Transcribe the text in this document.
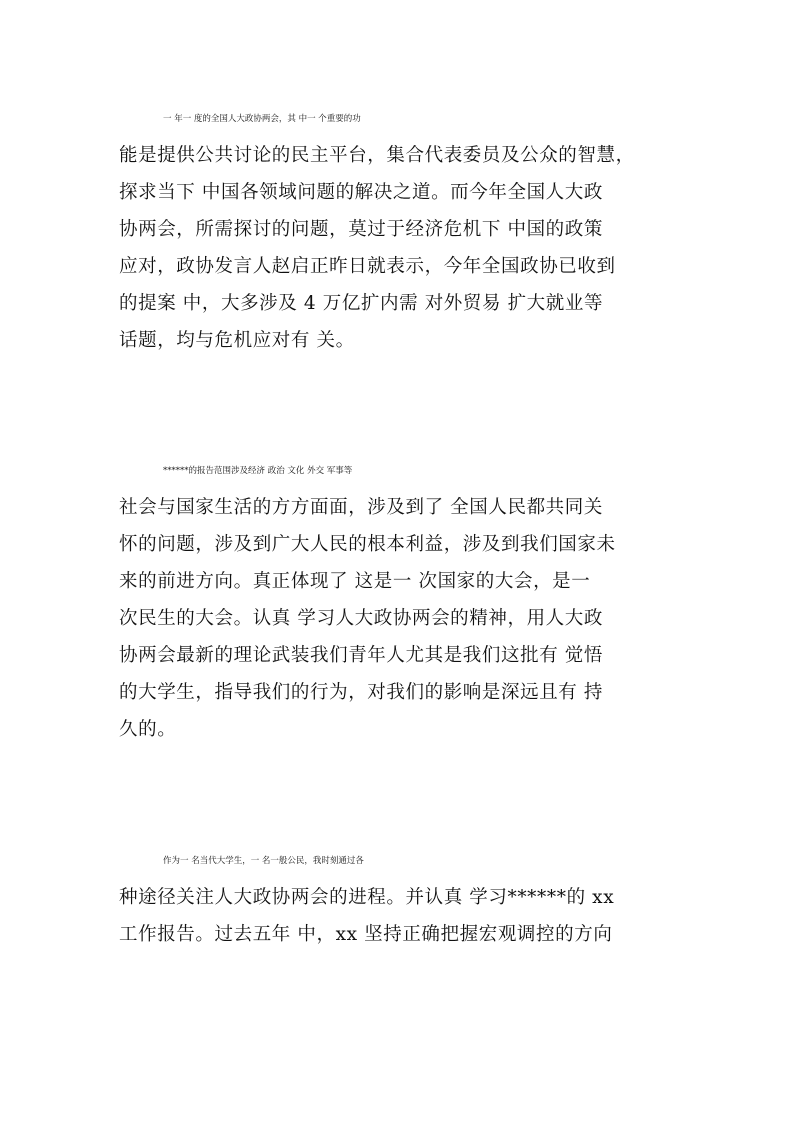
一 年一 度的全国人大政协两会，其 中一 个重要的功
能是提供公共讨论的民主平台，集合代表委员及公众的智慧，
探求当下 中国各领域问题的解决之道。而今年全国人大政
协两会，所需探讨的问题，莫过于经济危机下 中国的政策
应对，政协发言人赵启正昨日就表示，今年全国政协已收到
的提案 中，大多涉及 4 万亿扩内需 对外贸易 扩大就业等
话题，均与危机应对有 关。
******的报告范围涉及经济 政治 文化 外交 军事等
社会与国家生活的方方面面，涉及到了 全国人民都共同关
怀的问题，涉及到广大人民的根本利益，涉及到我们国家未
来的前进方向。真正体现了 这是一 次国家的大会，是一
次民生的大会。认真 学习人大政协两会的精神，用人大政
协两会最新的理论武装我们青年人尤其是我们这批有 觉悟
的大学生，指导我们的行为，对我们的影响是深远且有 持
久的。
作为一 名当代大学生，一 名一般公民，我时刻通过各
种途径关注人大政协两会的进程。并认真 学习******的 xx
工作报告。过去五年 中，xx 坚持正确把握宏观调控的方向
